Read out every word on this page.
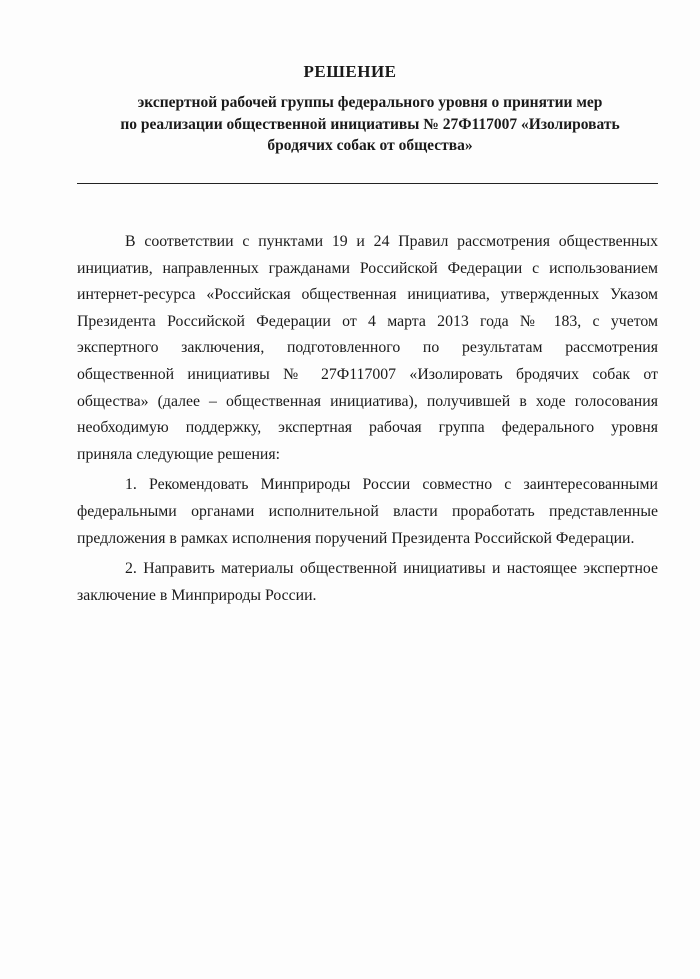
РЕШЕНИЕ
экспертной рабочей группы федерального уровня о принятии мер
по реализации общественной инициативы № 27Ф117007 «Изолировать
бродячих собак от общества»
В соответствии с пунктами 19 и 24 Правил рассмотрения общественных
инициатив, направленных гражданами Российской Федерации с использованием
интернет-ресурса «Российская общественная инициатива, утвержденных Указом
Президента Российской Федерации от 4 марта 2013 года № 183, с учетом
экспертного заключения, подготовленного по результатам рассмотрения
общественной инициативы № 27Ф117007 «Изолировать бродячих собак от
общества» (далее – общественная инициатива), получившей в ходе голосования
необходимую поддержку, экспертная рабочая группа федерального уровня
приняла следующие решения:
1. Рекомендовать Минприроды России совместно с заинтересованными
федеральными органами исполнительной власти проработать представленные
предложения в рамках исполнения поручений Президента Российской Федерации.
2. Направить материалы общественной инициативы и настоящее экспертное
заключение в Минприроды России.
